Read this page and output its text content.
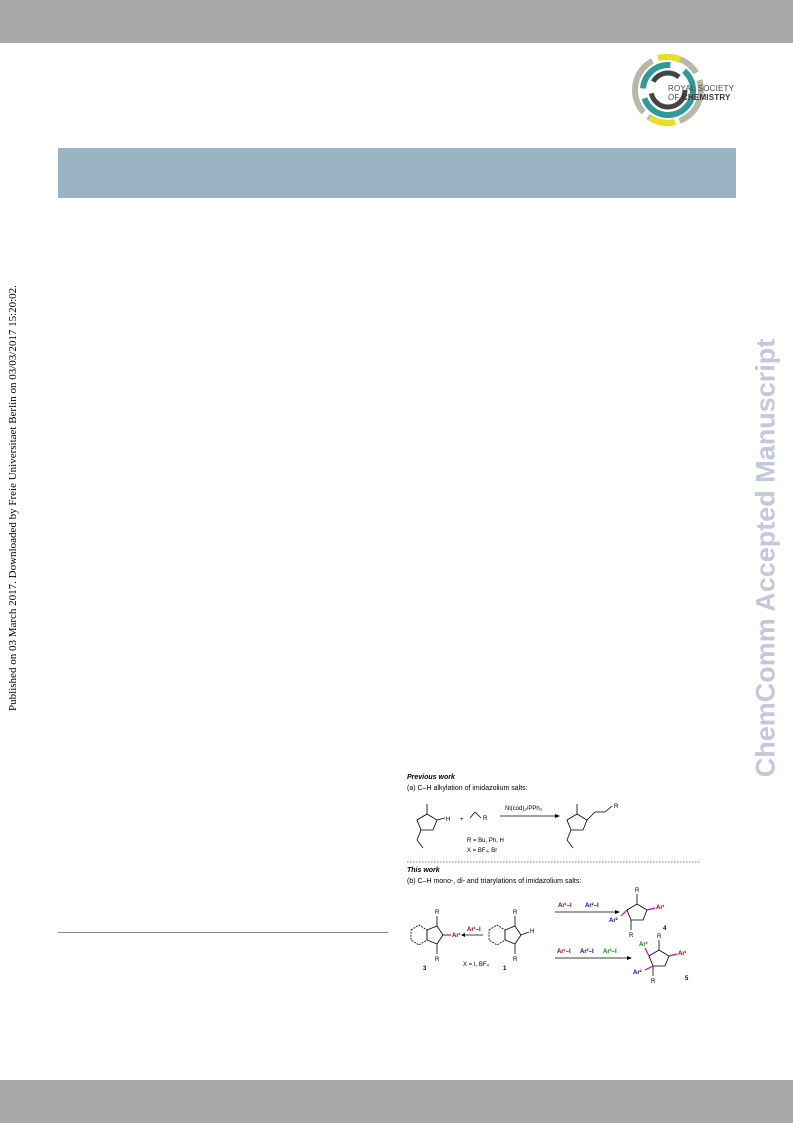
ROYAL SOCIETY
OF CHEMISTRY
Published on 03 March 2017. Downloaded by Freie Universitaet Berlin on 03/03/2017 15:20:02.	ChemComm Accepted Manuscript
Previous work
(a) C–H alkylation of imidazolium salts:
H +	R
Ni(cod)₂/PPh₃	R
R = Bu, Ph, H
X = BF₄, Br
This work
(b) C–H mono-, di- and triarylations of imidazolium salts:
Ar¹
R
R
3
Ar¹–I	H
R
R
1
X = I, BF₄
Ar¹–I Ar²–I	Ar¹
Ar²
R
R
4
Ar¹–I Ar²–I Ar³–I	Ar¹
Ar³
Ar²
R
R	5
